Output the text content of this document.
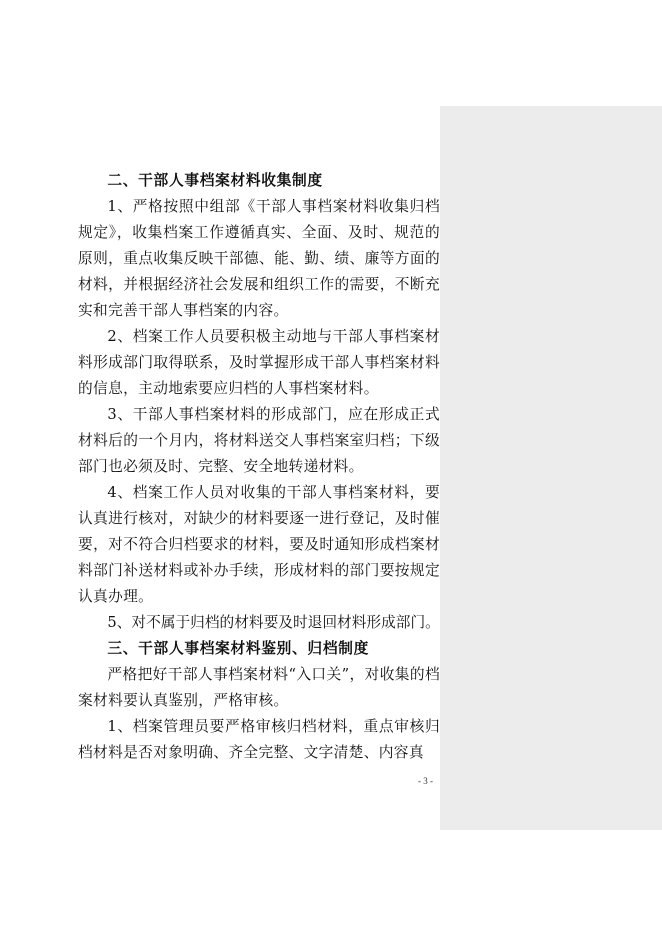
二、干部人事档案材料收集制度

1、严格按照中组部《干部人事档案材料收集归档规定》，收集档案工作遵循真实、全面、及时、规范的原则，重点收集反映干部德、能、勤、绩、廉等方面的材料，并根据经济社会发展和组织工作的需要，不断充实和完善干部人事档案的内容。

2、档案工作人员要积极主动地与干部人事档案材料形成部门取得联系，及时掌握形成干部人事档案材料的信息，主动地索要应归档的人事档案材料。

3、干部人事档案材料的形成部门，应在形成正式材料后的一个月内，将材料送交人事档案室归档；下级部门也必须及时、完整、安全地转递材料。

4、档案工作人员对收集的干部人事档案材料，要认真进行核对，对缺少的材料要逐一进行登记，及时催要，对不符合归档要求的材料，要及时通知形成档案材料部门补送材料或补办手续，形成材料的部门要按规定认真办理。

5、对不属于归档的材料要及时退回材料形成部门。

三、干部人事档案材料鉴别、归档制度

严格把好干部人事档案材料“入口关”，对收集的档案材料要认真鉴别，严格审核。

1、档案管理员要严格审核归档材料，重点审核归档材料是否对象明确、齐全完整、文字清楚、内容真

- 3 -
